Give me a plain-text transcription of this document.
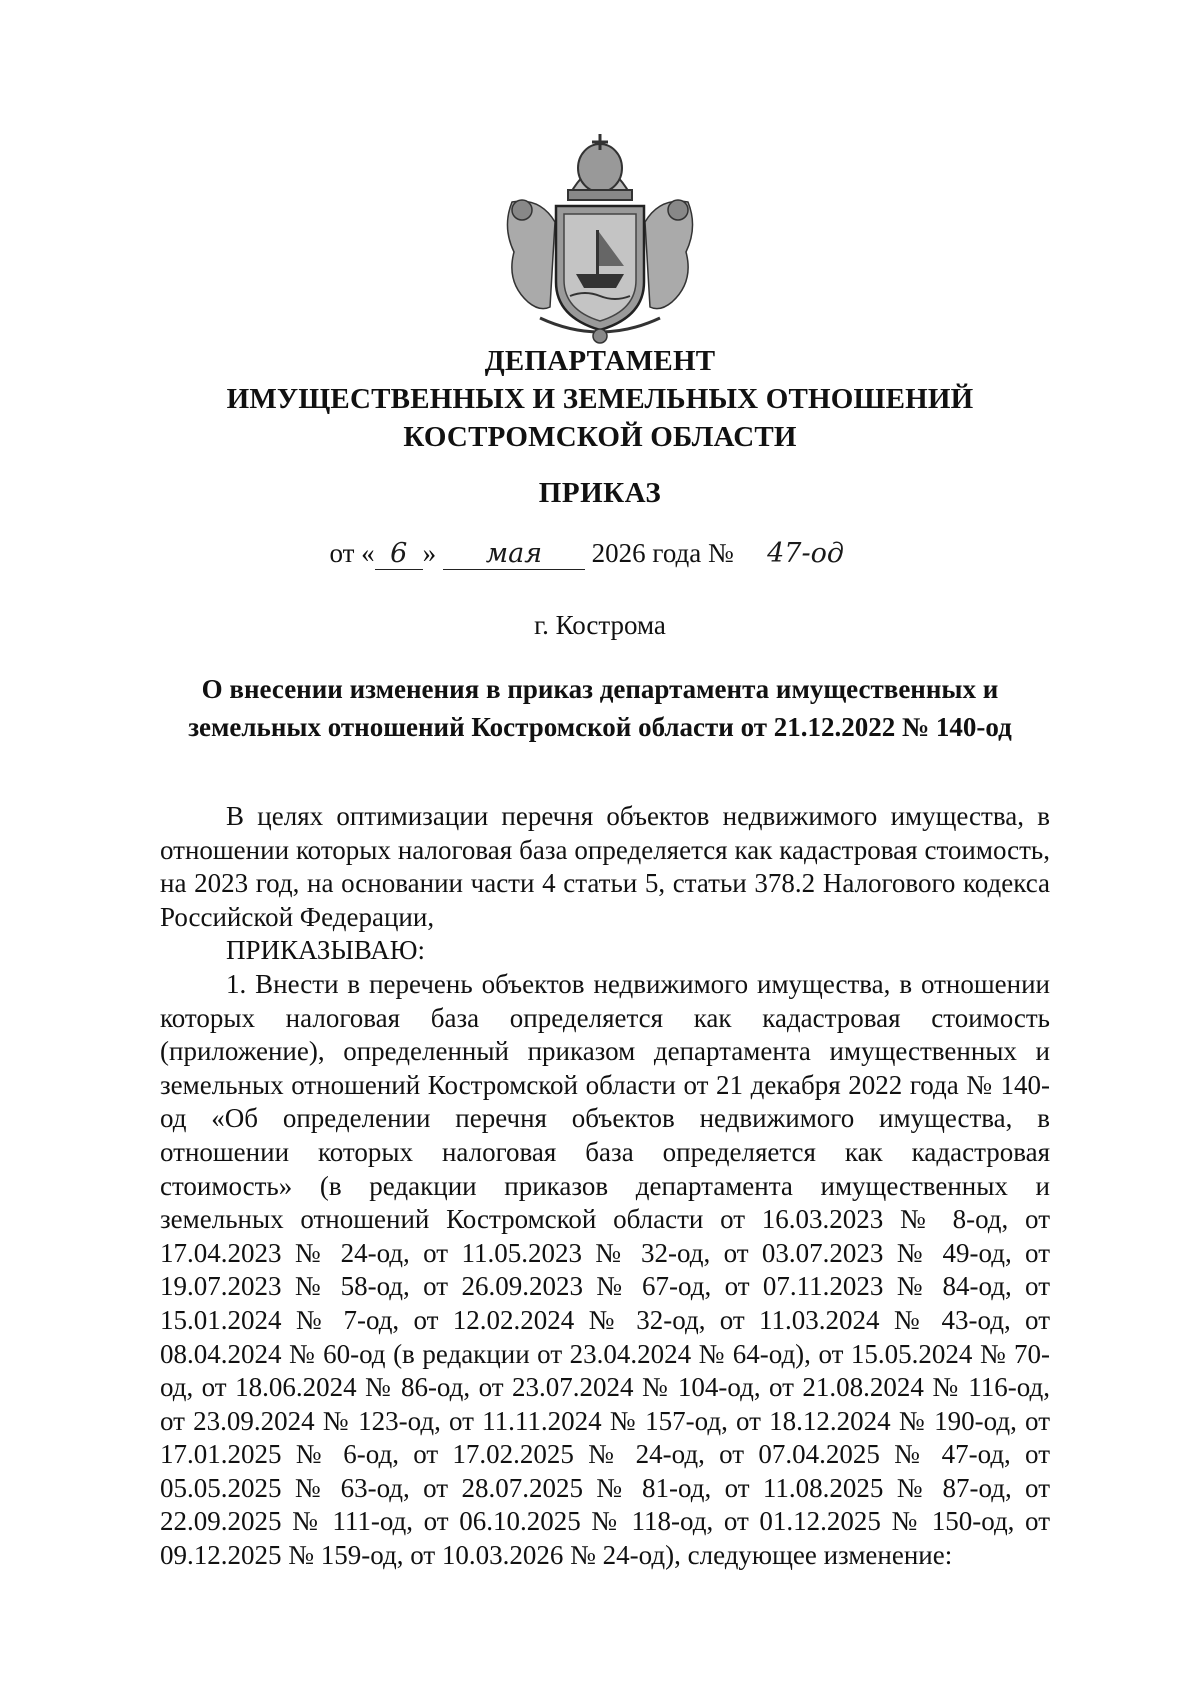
ДЕПАРТАМЕНТ
ИМУЩЕСТВЕННЫХ И ЗЕМЕЛЬНЫХ ОТНОШЕНИЙ
КОСТРОМСКОЙ ОБЛАСТИ
ПРИКАЗ
от « 6 » мая 2026 года № 47-од
г. Кострома
О внесении изменения в приказ департамента имущественных и
земельных отношений Костромской области от 21.12.2022 № 140-од

В целях оптимизации перечня объектов недвижимого имущества, в отношении которых налоговая база определяется как кадастровая стоимость, на 2023 год, на основании части 4 статьи 5, статьи 378.2 Налогового кодекса Российской Федерации,

ПРИКАЗЫВАЮ:

1. Внести в перечень объектов недвижимого имущества, в отношении которых налоговая база определяется как кадастровая стоимость (приложение), определенный приказом департамента имущественных и земельных отношений Костромской области от 21 декабря 2022 года № 140-од «Об определении перечня объектов недвижимого имущества, в отношении которых налоговая база определяется как кадастровая стоимость» (в редакции приказов департамента имущественных и земельных отношений Костромской области от 16.03.2023 № 8-од, от 17.04.2023 № 24-од, от 11.05.2023 № 32-од, от 03.07.2023 № 49-од, от 19.07.2023 № 58-од, от 26.09.2023 № 67-од, от 07.11.2023 № 84-од, от 15.01.2024 № 7-од, от 12.02.2024 № 32-од, от 11.03.2024 № 43-од, от 08.04.2024 № 60-од (в редакции от 23.04.2024 № 64-од), от 15.05.2024 № 70-од, от 18.06.2024 № 86-од, от 23.07.2024 № 104-од, от 21.08.2024 № 116-од, от 23.09.2024 № 123-од, от 11.11.2024 № 157-од, от 18.12.2024 № 190-од, от 17.01.2025 № 6-од, от 17.02.2025 № 24-од, от 07.04.2025 № 47-од, от 05.05.2025 № 63-од, от 28.07.2025 № 81-од, от 11.08.2025 № 87-од, от 22.09.2025 № 111-од, от 06.10.2025 № 118-од, от 01.12.2025 № 150-од, от 09.12.2025 № 159-од, от 10.03.2026 № 24-од), следующее изменение:
